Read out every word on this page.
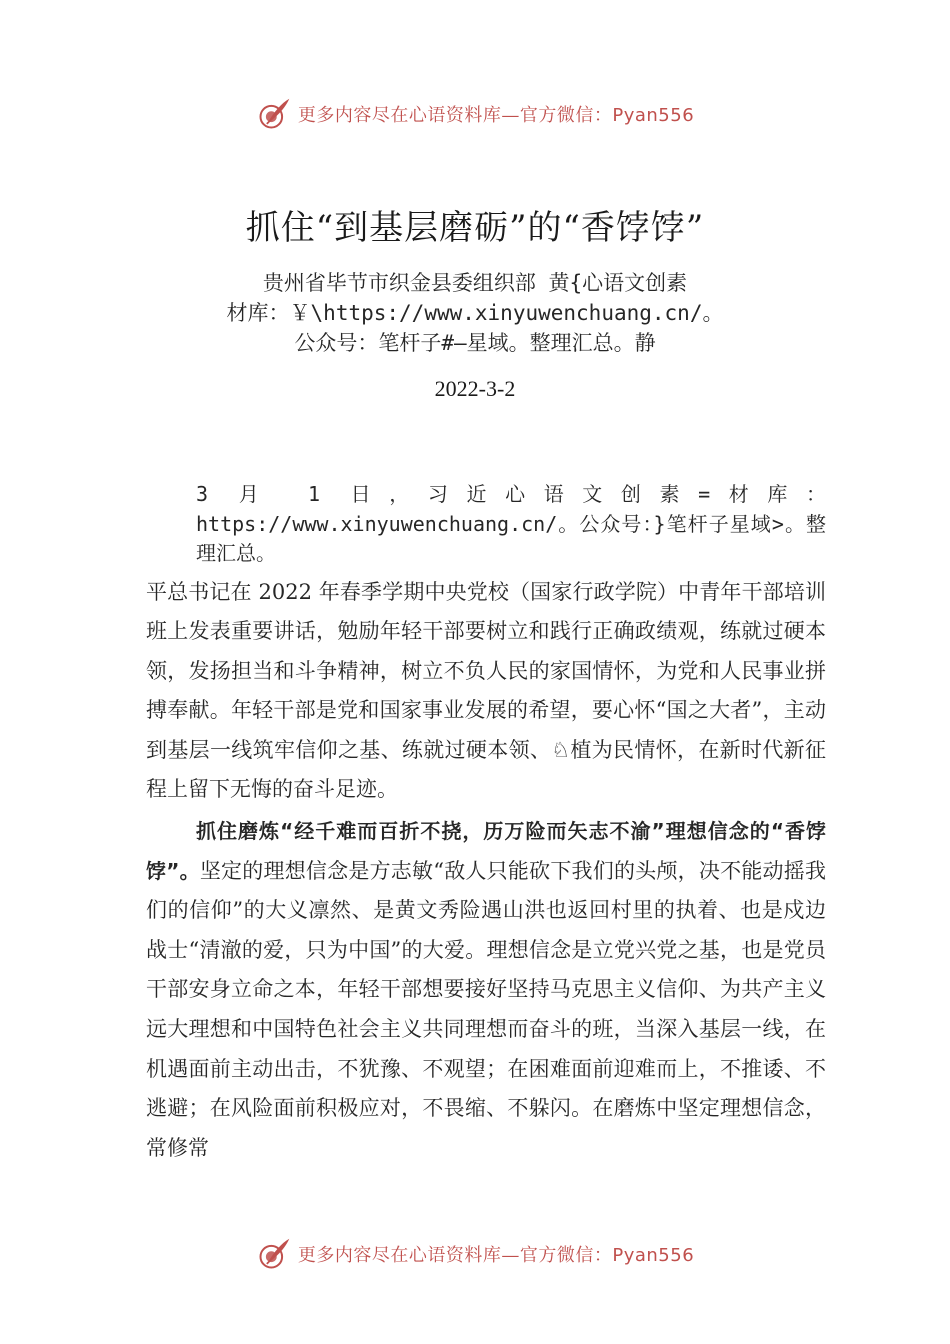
更多内容尽在心语资料库—官方微信：Pyan556
抓住“到基层磨砺”的“香饽饽”
贵州省毕节市织金县委组织部 黄{心语文创素
材库：￥\https://www.xinyuwenchuang.cn/。
公众号：笔杆子#—星域。整理汇总。静

2022-3-2

3 月 1 日，习近心语文创素=材库：https://www.xinyuwenchuang.cn/。公众号：}笔杆子星域>。整理汇总。
平总书记在 2022 年春季学期中央党校（国家行政学院）中青年干部培训班上发表重要讲话，勉励年轻干部要树立和践行正确政绩观，练就过硬本领，发扬担当和斗争精神，树立不负人民的家国情怀，为党和人民事业拼搏奉献。年轻干部是党和国家事业发展的希望，要心怀“国之大者”，主动到基层一线筑牢信仰之基、练就过硬本领、♘植为民情怀，在新时代新征程上留下无悔的奋斗足迹。

抓住磨炼“经千难而百折不挠，历万险而矢志不渝”理想信念的“香饽饽”。坚定的理想信念是方志敏“敌人只能砍下我们的头颅，决不能动摇我们的信仰”的大义凛然、是黄文秀险遇山洪也返回村里的执着、也是戍边战士“清澈的爱，只为中国”的大爱。理想信念是立党兴党之基，也是党员干部安身立命之本，年轻干部想要接好坚持马克思主义信仰、为共产主义远大理想和中国特色社会主义共同理想而奋斗的班，当深入基层一线，在机遇面前主动出击，不犹豫、不观望；在困难面前迎难而上，不推诿、不逃避；在风险面前积极应对，不畏缩、不躲闪。在磨炼中坚定理想信念，常修常

更多内容尽在心语资料库—官方微信：Pyan556
